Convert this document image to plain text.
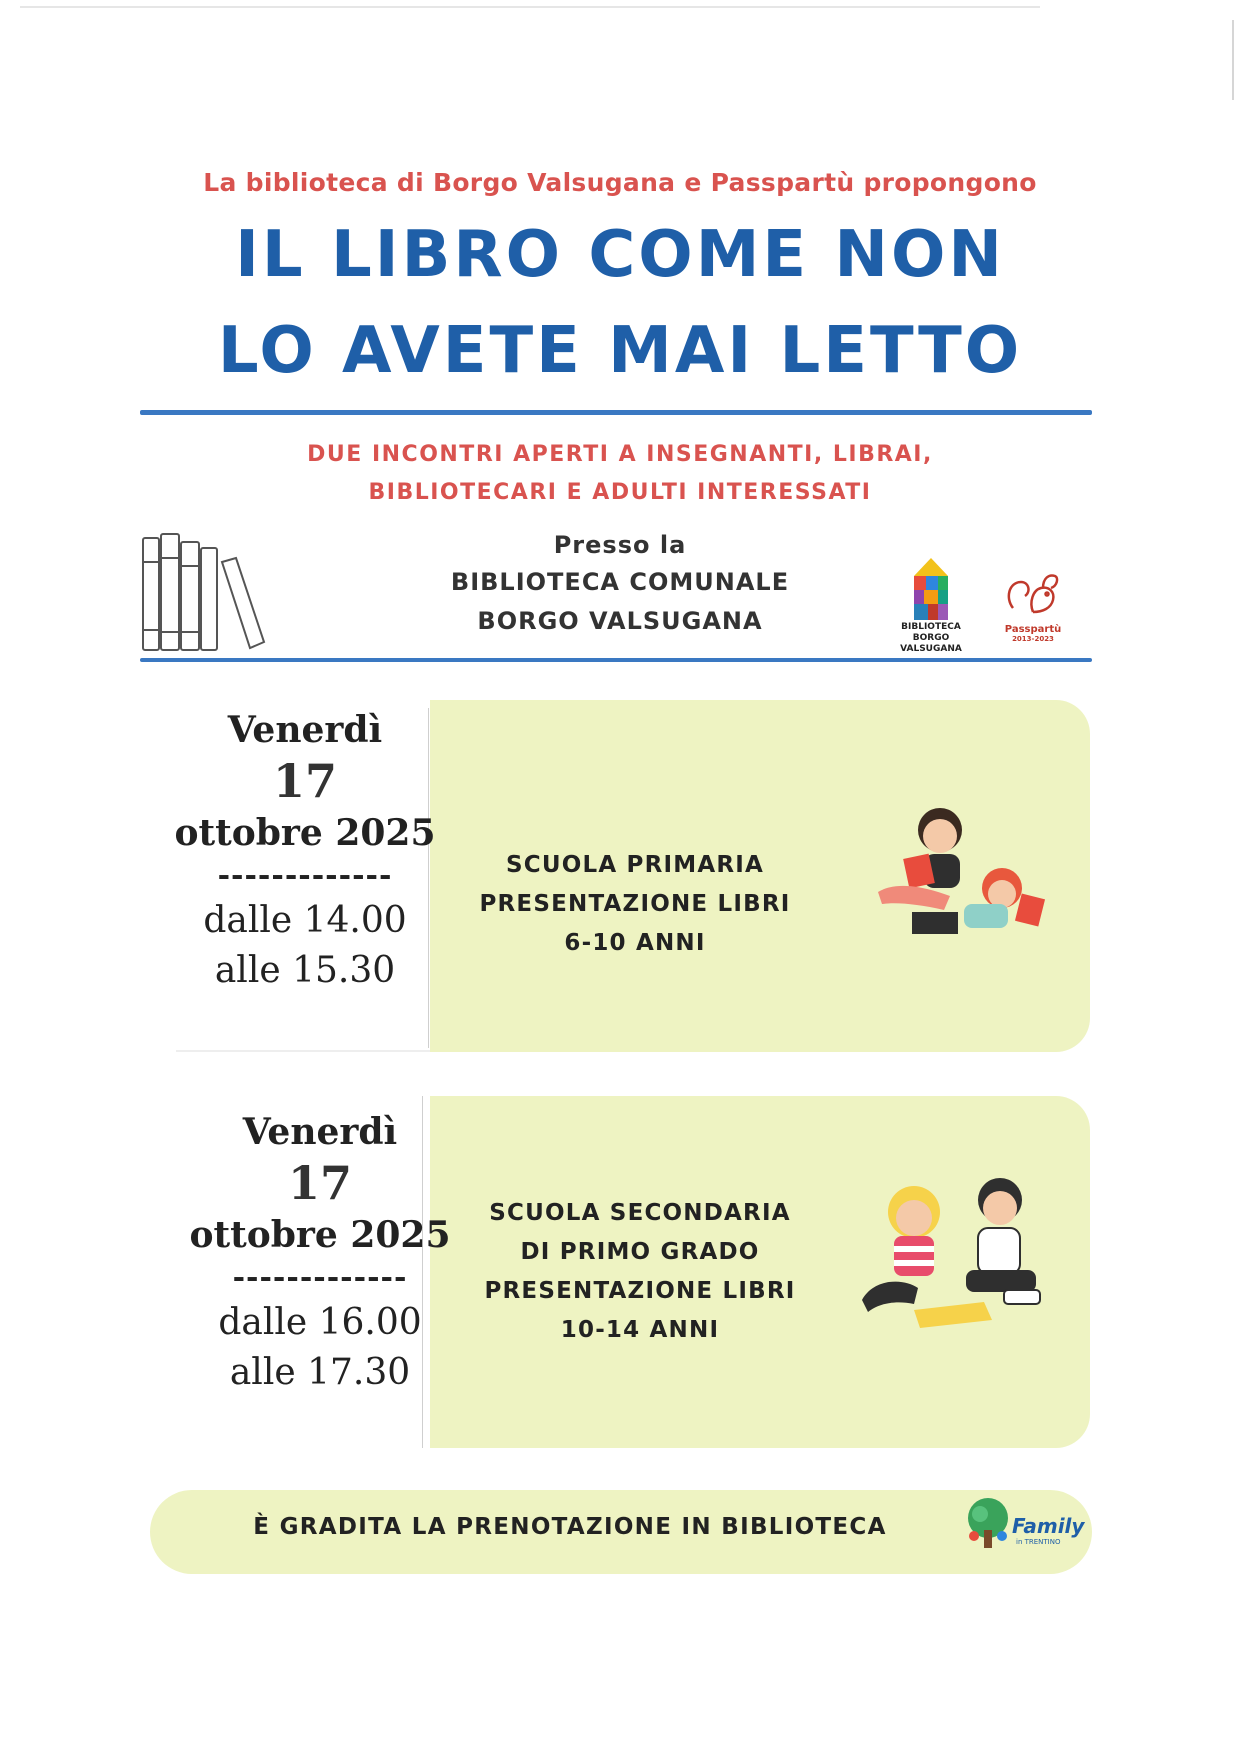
La biblioteca di Borgo Valsugana e Passpartù propongono
IL LIBRO COME NON
LO AVETE MAI LETTO
DUE INCONTRI APERTI A INSEGNANTI, LIBRAI,
BIBLIOTECARI E ADULTI INTERESSATI
Presso la
BIBLIOTECA COMUNALE
BORGO VALSUGANA	BIBLIOTECA
BORGO VALSUGANA
Passpartù
2013-2023
Venerdì
17
ottobre 2025
-------------
dalle 14.00
alle 15.30
SCUOLA PRIMARIA
PRESENTAZIONE LIBRI
6-10 ANNI
Venerdì
17
ottobre 2025
-------------
dalle 16.00
alle 17.30
SCUOLA SECONDARIA
DI PRIMO GRADO
PRESENTAZIONE LIBRI
10-14 ANNI
È GRADITA LA PRENOTAZIONE IN BIBLIOTECA	Family
in TRENTINO
